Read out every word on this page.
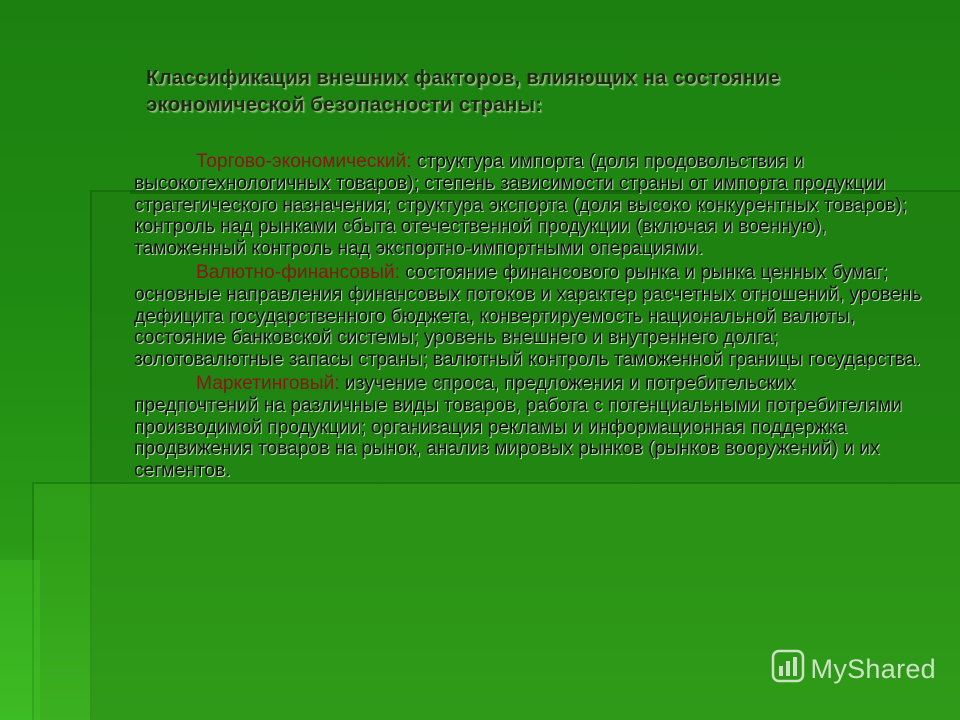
Классификация внешних факторов, влияющих на состояние экономической безопасности страны:

Торгово-экономический: структура импорта (доля продовольствия и высокотехнологичных товаров); степень зависимости страны от импорта продукции стратегического назначения; структура экспорта (доля высоко конкурентных товаров); контроль над рынками сбыта отечественной продукции (включая и военную), таможенный контроль над экспортно-импортными операциями.

Валютно-финансовый: состояние финансового рынка и рынка ценных бумаг; основные направления финансовых потоков и характер расчетных отношений, уровень дефицита государственного бюджета, конвертируемость национальной валюты, состояние банковской системы; уровень внешнего и внутреннего долга; золотовалютные запасы страны; валютный контроль таможенной границы государства.

Маркетинговый: изучение спроса, предложения и потребительских предпочтений на различные виды товаров, работа с потенциальными потребителями производимой продукции; организация рекламы и информационная поддержка продвижения товаров на рынок, анализ мировых рынков (рынков вооружений) и их сегментов.

MyShared
